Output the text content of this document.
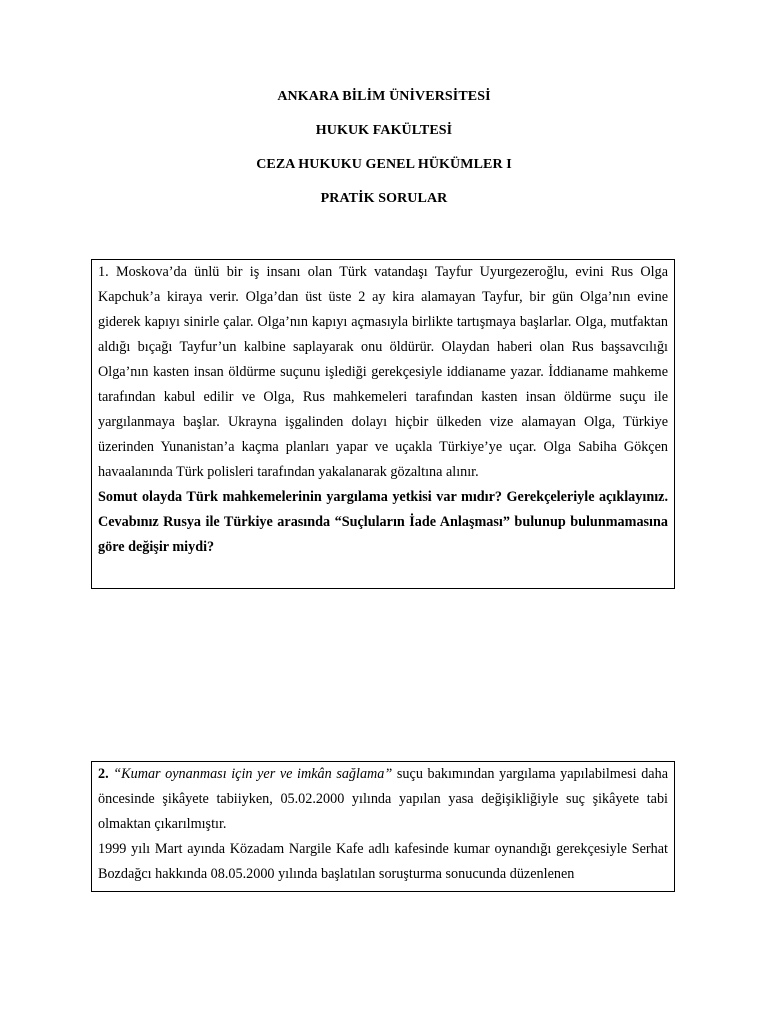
ANKARA BİLİM ÜNİVERSİTESİ
HUKUK FAKÜLTESİ
CEZA HUKUKU GENEL HÜKÜMLER I
PRATİK SORULAR

1. Moskova’da ünlü bir iş insanı olan Türk vatandaşı Tayfur Uyurgezeroğlu, evini Rus Olga Kapchuk’a kiraya verir. Olga’dan üst üste 2 ay kira alamayan Tayfur, bir gün Olga’nın evine giderek kapıyı sinirle çalar. Olga’nın kapıyı açmasıyla birlikte tartışmaya başlarlar. Olga, mutfaktan aldığı bıçağı Tayfur’un kalbine saplayarak onu öldürür. Olaydan haberi olan Rus başsavcılığı Olga’nın kasten insan öldürme suçunu işlediği gerekçesiyle iddianame yazar. İddianame mahkeme tarafından kabul edilir ve Olga, Rus mahkemeleri tarafından kasten insan öldürme suçu ile yargılanmaya başlar. Ukrayna işgalinden dolayı hiçbir ülkeden vize alamayan Olga, Türkiye üzerinden Yunanistan’a kaçma planları yapar ve uçakla Türkiye’ye uçar. Olga Sabiha Gökçen havaalanında Türk polisleri tarafından yakalanarak gözaltına alınır.

Somut olayda Türk mahkemelerinin yargılama yetkisi var mıdır? Gerekçeleriyle açıklayınız. Cevabınız Rusya ile Türkiye arasında “Suçluların İade Anlaşması” bulunup bulunmamasına göre değişir miydi?

2. “Kumar oynanması için yer ve imkân sağlama” suçu bakımından yargılama yapılabilmesi daha öncesinde şikâyete tabiiyken, 05.02.2000 yılında yapılan yasa değişikliğiyle suç şikâyete tabi olmaktan çıkarılmıştır.

1999 yılı Mart ayında Közadam Nargile Kafe adlı kafesinde kumar oynandığı gerekçesiyle Serhat Bozdağcı hakkında 08.05.2000 yılında başlatılan soruşturma sonucunda düzenlenen
